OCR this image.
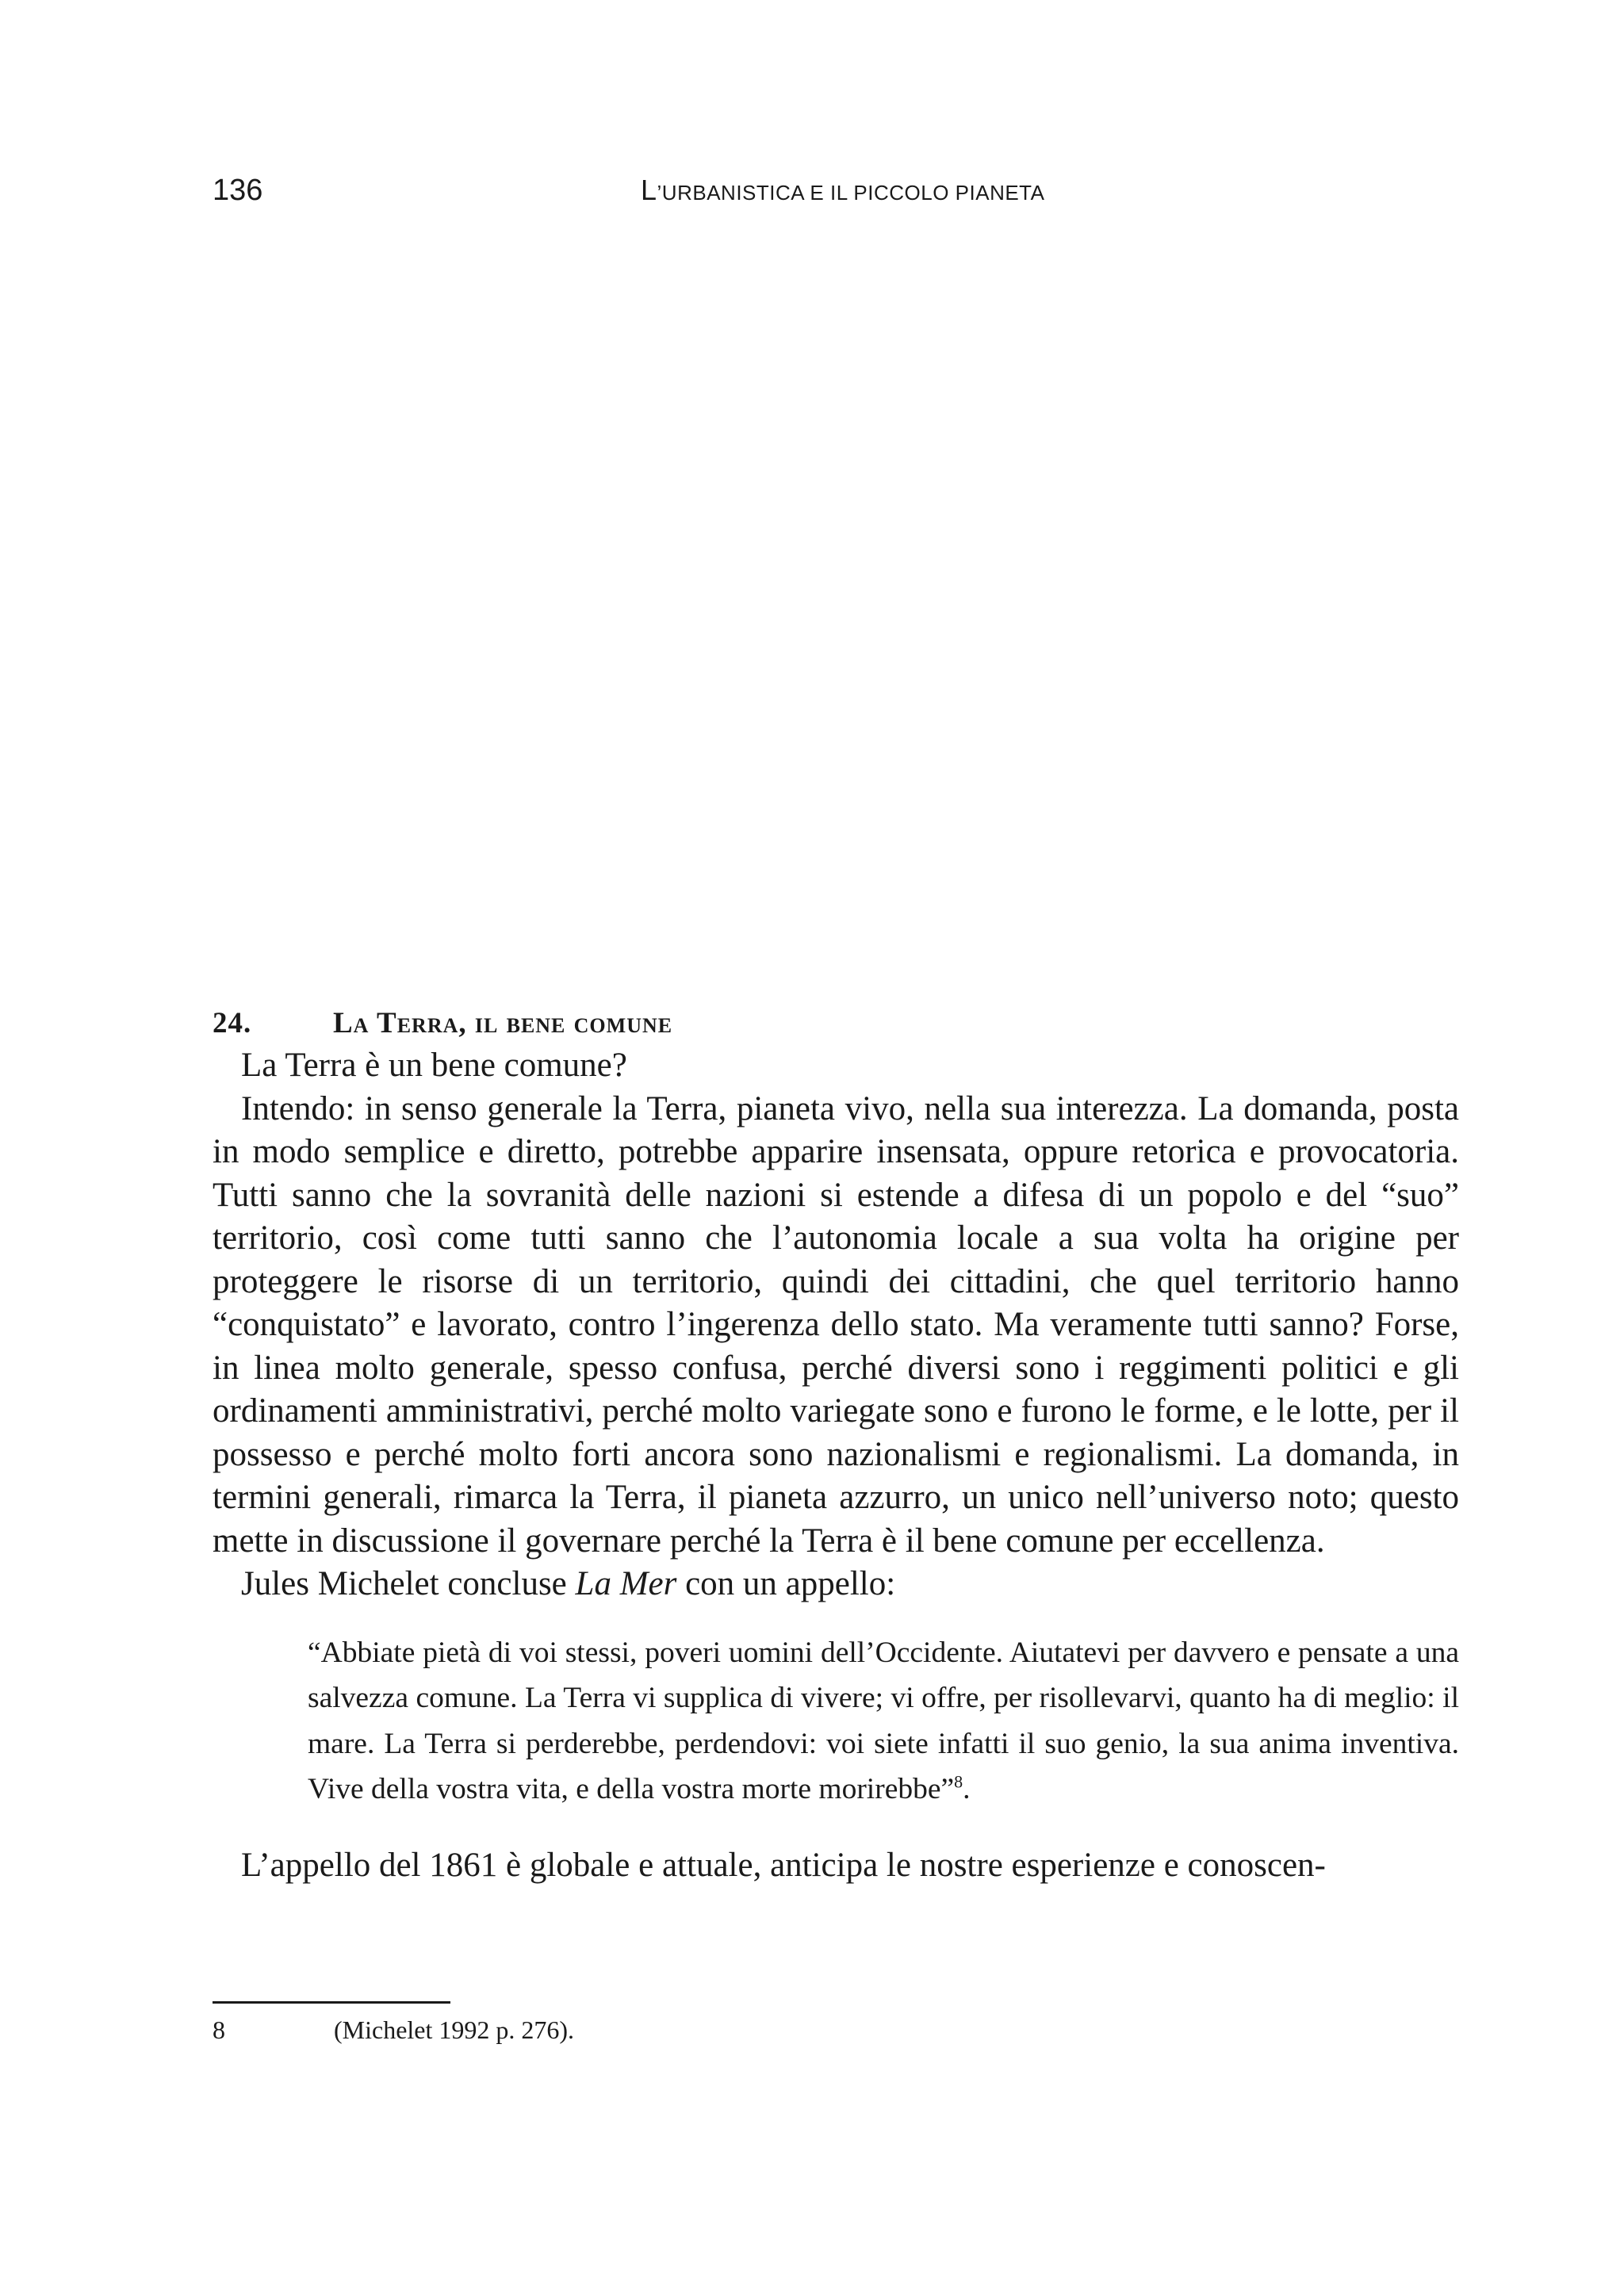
136	L’URBANISTICA E IL PICCOLO PIANETA
24.	La Terra, il bene comune

La Terra è un bene comune?

Intendo: in senso generale la Terra, pianeta vivo, nella sua interezza. La domanda, posta in modo semplice e diretto, potrebbe apparire insensata, oppure retorica e provocatoria. Tutti sanno che la sovranità delle nazioni si estende a difesa di un popolo e del “suo” territorio, così come tutti sanno che l’autonomia locale a sua volta ha origine per proteggere le risorse di un territorio, quindi dei cittadini, che quel territorio hanno “conquistato” e lavorato, contro l’ingerenza dello stato. Ma veramente tutti sanno? Forse, in linea molto generale, spesso confusa, perché diversi sono i reggimenti politici e gli ordinamenti amministrativi, perché molto variegate sono e furono le forme, e le lotte, per il possesso e perché molto forti ancora sono nazionalismi e regionalismi. La domanda, in termini generali, rimarca la Terra, il pianeta azzurro, un unico nell’universo noto; questo mette in discussione il governare perché la Terra è il bene comune per eccellenza.

Jules Michelet concluse La Mer con un appello:

“Abbiate pietà di voi stessi, poveri uomini dell’Occidente. Aiutatevi per davvero e pensate a una salvezza comune. La Terra vi supplica di vivere; vi offre, per risollevarvi, quanto ha di meglio: il mare. La Terra si perderebbe, perdendovi: voi siete infatti il suo genio, la sua anima inventiva. Vive della vostra vita, e della vostra morte morirebbe”$^8$.

L’appello del 1861 è globale e attuale, anticipa le nostre esperienze e conoscen-

8	(Michelet 1992 p. 276).
